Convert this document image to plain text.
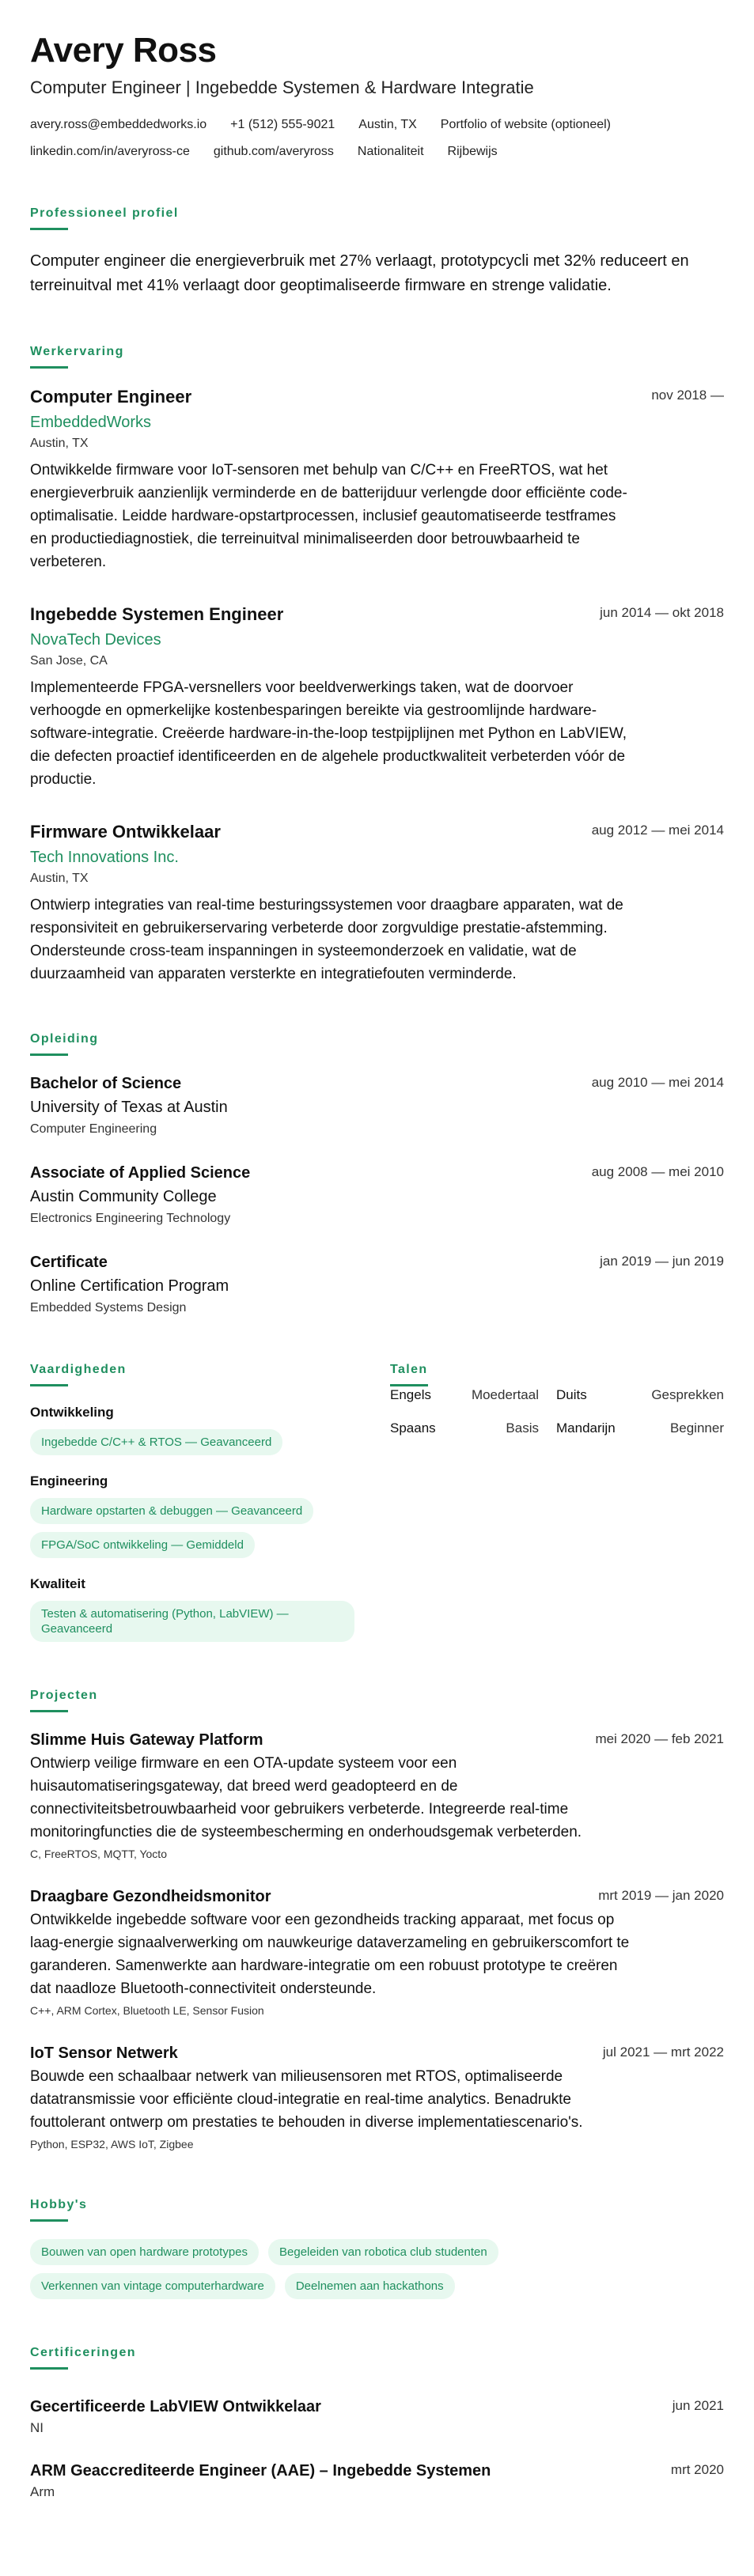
Avery Ross
Computer Engineer | Ingebedde Systemen & Hardware Integratie
avery.ross@embeddedworks.io +1 (512) 555-9021 Austin, TX Portfolio of website (optioneel)
linkedin.com/in/averyross-ce github.com/averyross Nationaliteit Rijbewijs
Professioneel profiel
Computer engineer die energieverbruik met 27% verlaagt, prototypcycli met 32% reduceert en terreinuitval met 41% verlaagt door geoptimaliseerde firmware en strenge validatie.
Werkervaring
Computer Engineer	nov 2018 —
EmbeddedWorks
Austin, TX
Ontwikkelde firmware voor IoT-sensoren met behulp van C/C++ en FreeRTOS, wat het energieverbruik aanzienlijk verminderde en de batterijduur verlengde door efficiënte code-optimalisatie. Leidde hardware-opstartprocessen, inclusief geautomatiseerde testframes en productiediagnostiek, die terreinuitval minimaliseerden door betrouwbaarheid te verbeteren.
Ingebedde Systemen Engineer	jun 2014 — okt 2018
NovaTech Devices
San Jose, CA
Implementeerde FPGA-versnellers voor beeldverwerkings taken, wat de doorvoer verhoogde en opmerkelijke kostenbesparingen bereikte via gestroomlijnde hardware-software-integratie. Creëerde hardware-in-the-loop testpijplijnen met Python en LabVIEW, die defecten proactief identificeerden en de algehele productkwaliteit verbeterden vóór de productie.
Firmware Ontwikkelaar	aug 2012 — mei 2014
Tech Innovations Inc.
Austin, TX
Ontwierp integraties van real-time besturingssystemen voor draagbare apparaten, wat de responsiviteit en gebruikerservaring verbeterde door zorgvuldige prestatie-afstemming. Ondersteunde cross-team inspanningen in systeemonderzoek en validatie, wat de duurzaamheid van apparaten versterkte en integratiefouten verminderde.
Opleiding
Bachelor of Science	aug 2010 — mei 2014
University of Texas at Austin
Computer Engineering
Associate of Applied Science	aug 2008 — mei 2010
Austin Community College
Electronics Engineering Technology
Certificate	jan 2019 — jun 2019
Online Certification Program
Embedded Systems Design
Vaardigheden
Ontwikkeling
Ingebedde C/C++ & RTOS — Geavanceerd
Engineering
Hardware opstarten & debuggen — Geavanceerd
FPGA/SoC ontwikkeling — Gemiddeld
Kwaliteit
Testen & automatisering (Python, LabVIEW) — Geavanceerd
Talen
Engels	Moedertaal Duits	Gesprekken
Spaans	Basis Mandarijn	Beginner
Projecten
Slimme Huis Gateway Platform	mei 2020 — feb 2021
Ontwierp veilige firmware en een OTA-update systeem voor een huisautomatiseringsgateway, dat breed werd geadopteerd en de connectiviteitsbetrouwbaarheid voor gebruikers verbeterde. Integreerde real-time monitoringfuncties die de systeembescherming en onderhoudsgemak verbeterden.
C, FreeRTOS, MQTT, Yocto
Draagbare Gezondheidsmonitor	mrt 2019 — jan 2020
Ontwikkelde ingebedde software voor een gezondheids tracking apparaat, met focus op laag-energie signaalverwerking om nauwkeurige dataverzameling en gebruikerscomfort te garanderen. Samenwerkte aan hardware-integratie om een robuust prototype te creëren dat naadloze Bluetooth-connectiviteit ondersteunde.
C++, ARM Cortex, Bluetooth LE, Sensor Fusion
IoT Sensor Netwerk	jul 2021 — mrt 2022
Bouwde een schaalbaar netwerk van milieusensoren met RTOS, optimaliseerde datatransmissie voor efficiënte cloud-integratie en real-time analytics. Benadrukte fouttolerant ontwerp om prestaties te behouden in diverse implementatiescenario's.
Python, ESP32, AWS IoT, Zigbee
Hobby's
Bouwen van open hardware prototypes	Begeleiden van robotica club studenten
Verkennen van vintage computerhardware	Deelnemen aan hackathons
Certificeringen
Gecertificeerde LabVIEW Ontwikkelaar	jun 2021
NI
ARM Geaccrediteerde Engineer (AAE) – Ingebedde Systemen	mrt 2020
Arm
